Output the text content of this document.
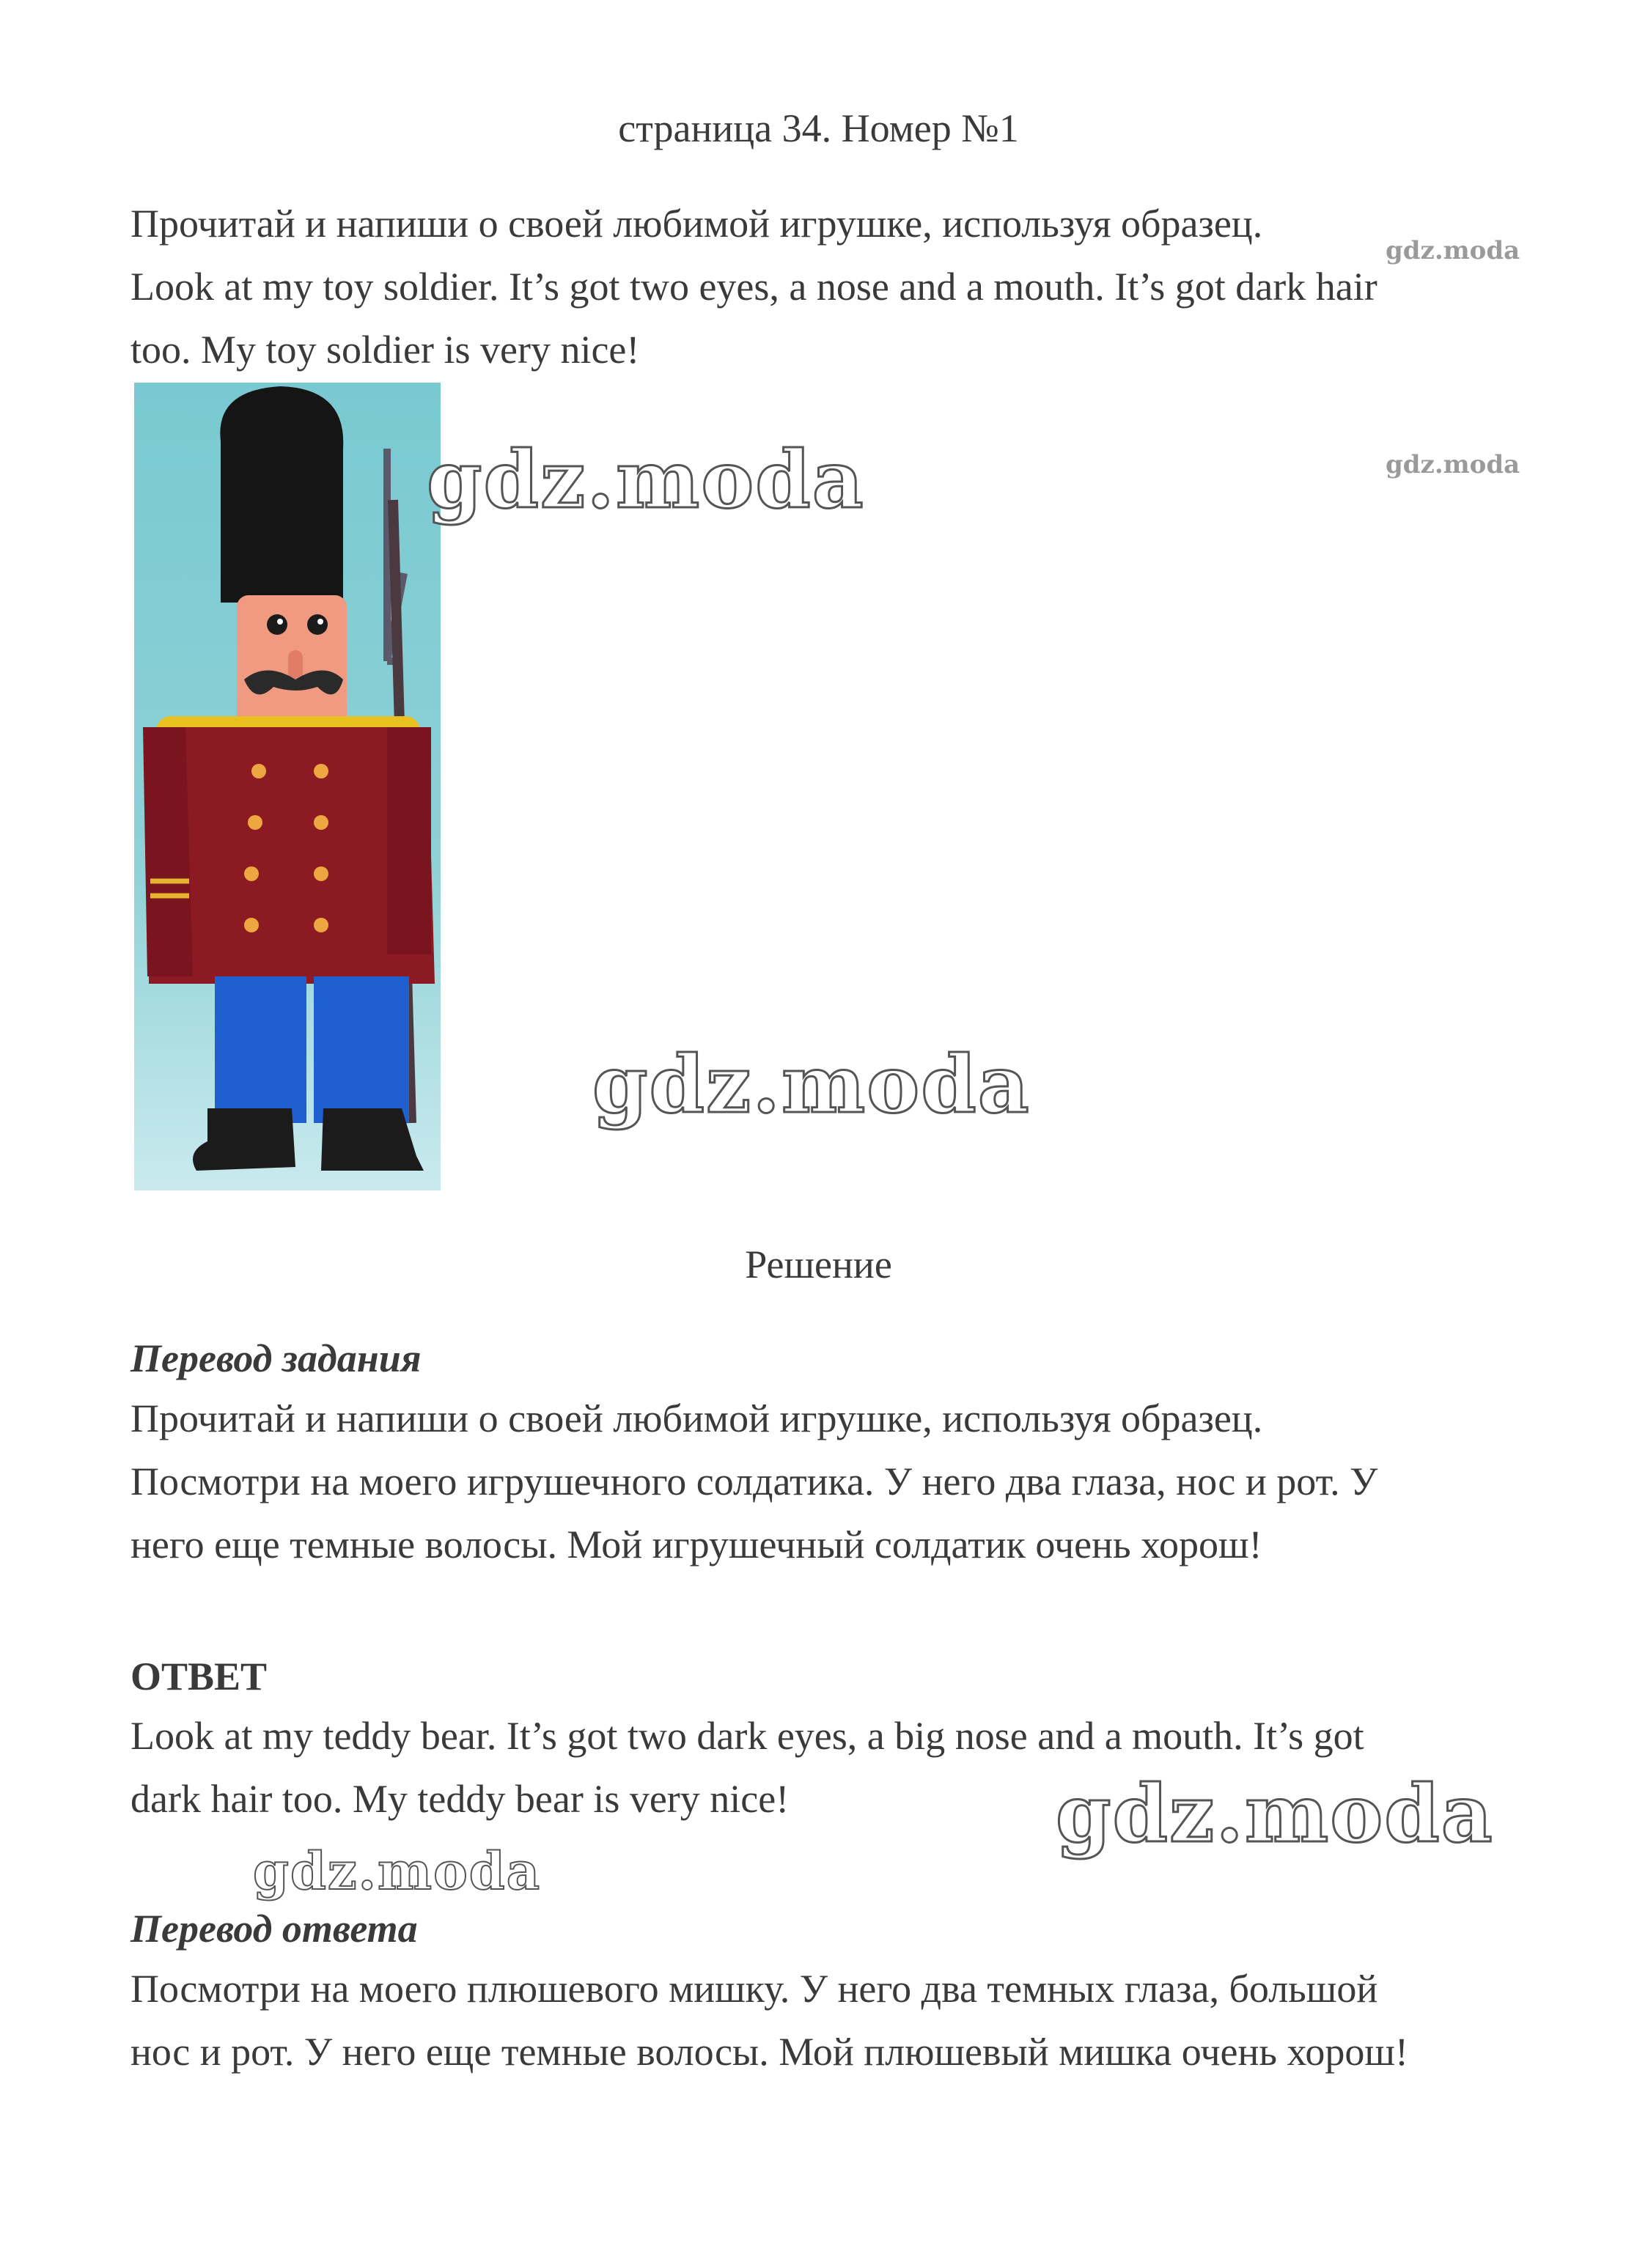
страница 34. Номер №1
Прочитай и напиши о своей любимой игрушке, используя образец.
Look at my toy soldier. It’s got two eyes, a nose and a mouth. It’s got dark hair
too. My toy soldier is very nice!
gdz.moda
gdz.moda
gdz.moda
gdz.moda
Решение
Перевод задания
Прочитай и напиши о своей любимой игрушке, используя образец.
Посмотри на моего игрушечного солдатика. У него два глаза, нос и рот. У
него еще темные волосы. Мой игрушечный солдатик очень хорош!
ОТВЕТ
Look at my teddy bear. It’s got two dark eyes, a big nose and a mouth. It’s got
dark hair too. My teddy bear is very nice!	gdz.moda
gdz.moda
Перевод ответа
Посмотри на моего плюшевого мишку. У него два темных глаза, большой
нос и рот. У него еще темные волосы. Мой плюшевый мишка очень хорош!
